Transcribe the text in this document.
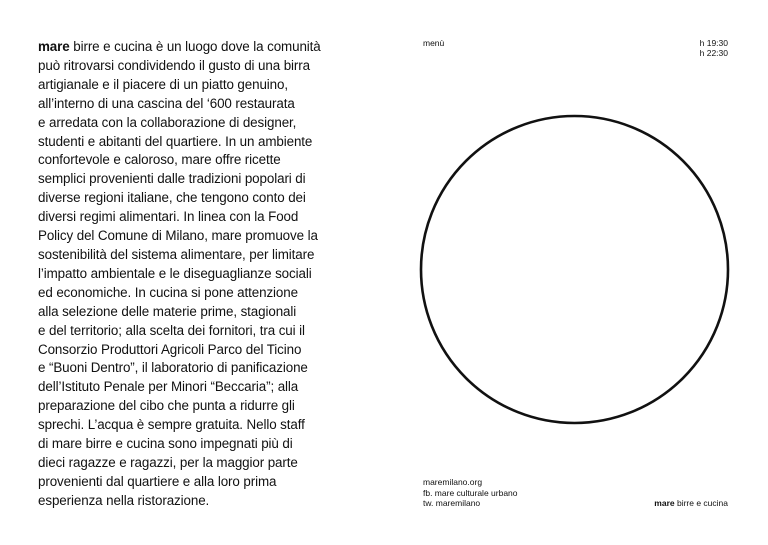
mare birre e cucina è un luogo dove la comunità
può ritrovarsi condividendo il gusto di una birra
artigianale e il piacere di un piatto genuino,
all’interno di una cascina del ‘600 restaurata
e arredata con la collaborazione di designer,
studenti e abitanti del quartiere. In un ambiente
confortevole e caloroso, mare offre ricette
semplici provenienti dalle tradizioni popolari di
diverse regioni italiane, che tengono conto dei
diversi regimi alimentari. In linea con la Food
Policy del Comune di Milano, mare promuove la
sostenibilità del sistema alimentare, per limitare
l’impatto ambientale e le diseguaglianze sociali
ed economiche. In cucina si pone attenzione
alla selezione delle materie prime, stagionali
e del territorio; alla scelta dei fornitori, tra cui il
Consorzio Produttori Agricoli Parco del Ticino
e “Buoni Dentro”, il laboratorio di panificazione
dell’Istituto Penale per Minori “Beccaria”; alla
preparazione del cibo che punta a ridurre gli
sprechi. L’acqua è sempre gratuita. Nello staff
di mare birre e cucina sono impegnati più di
dieci ragazze e ragazzi, per la maggior parte
provenienti dal quartiere e alla loro prima
esperienza nella ristorazione.

menù	h 19:30
h 22:30
maremilano.org
fb. mare culturale urbano
tw. maremilano	mare birre e cucina
